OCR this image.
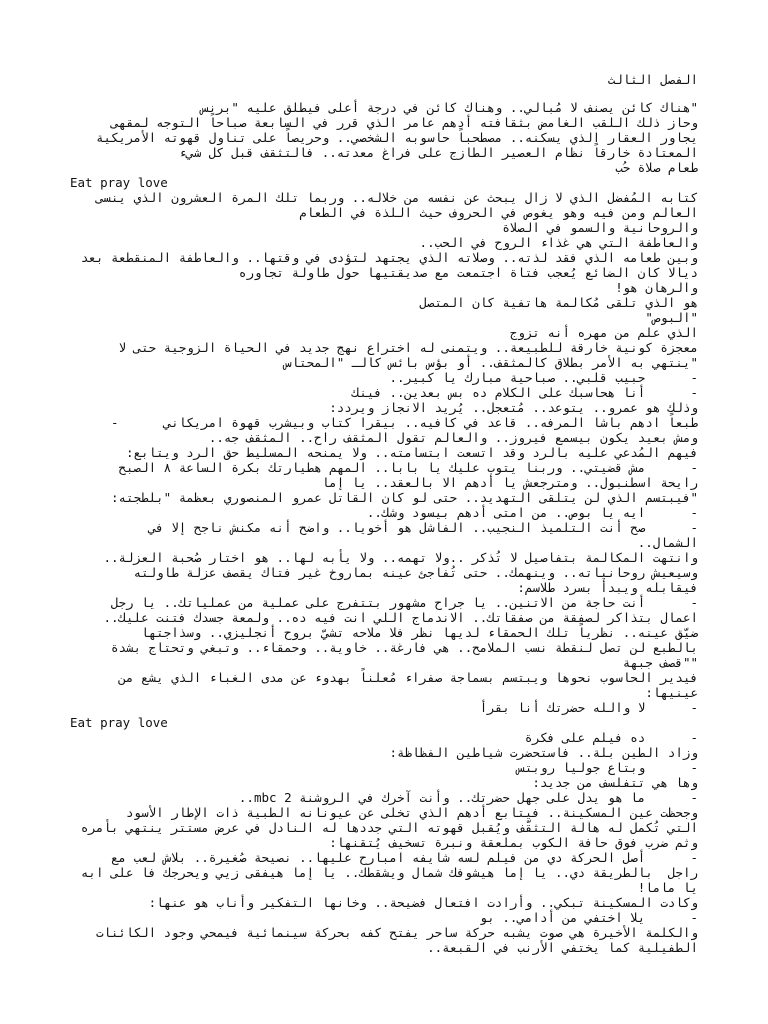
الفصل الثالث
"هناك كائن يصنف لا مُبالي.. وهناك كائن في درجة أعلى فيطلق عليه "برنس
وحاز ذلك اللقب الغامض بثقافته أدهم عامر الذي قرر في السابعة صباحاً التوجه لمقهى
يجاور العقار الذي يسكنه.. مصطحباً حاسوبه الشخصي.. وحريصاً على تناول قهوته الأمريكية
المعتادة خارقاً نظام العصير الطازج على فراغ معدته.. فالتثقف قبل كل شيء
طعام صلاة حُب
Eat pray love
كتابه المُفضل الذي لا زال يبحث عن نفسه من خلاله.. وربما تلك المرة العشرون الذي ينسى
العالم ومن فيه وهو يغوص في الحروف حيث اللذة في الطعام
والروحانية والسمو في الصلاة
والعاطفة التي هي غذاء الروح في الحب..
وبين طعامه الذي فقد لذته.. وصلاته الذي يجتهد لتؤدى في وقتها.. والعاطفة المنقطعة بعد
ديالا كان الضائع يُعجب فتاة اجتمعت مع صديقتيها حول طاولة تجاوره
والرهان هو!
هو الذي تلقى مُكالمة هاتفية كان المتصل
"البوص"
الذي علم من مهره أنه تزوج
معجزة كونية خارقة للطبيعة.. ويتمنى له اختراع نهج جديد في الحياة الزوجية حتى لا
"ينتهي به الأمر بطلاق كالمثقف.. أو بؤس بائس كالـ "المحتاس
-      حبيب قلبي.. صباحية مبارك يا كبير..
-      أنا هحاسبك على الكلام ده بس بعدين.. فينك
وذلك هو عمرو.. يتوعد.. مُتعجل.. يُريد الانجاز ويردد:
طبعاً ادهم باشا المرفه.. قاعد في كافيه.. بيقرا كتاب وبيشرب قهوة امريكاني      -
ومش بعيد يكون بيسمع فيروز.. والعالم تقول المثقف راح.. المثقف جه..
فيهم المُدعي عليه بالرد وقد اتسعت ابتسامته.. ولا يمنحه المسليط حق الرد ويتابع:
-      مش قضيتي.. وربنا يتوب عليك يا بابا.. المهم هطيارتك بكرة الساعة ٨ الصبح
رايحة اسطنبول.. ومترجعش يا أدهم الا بالعقد.. يا إما
"فيبتسم الذي لن يتلقى التهديد.. حتى لو كان القاتل عمرو المنصوري بعظمة "بلطجته:
-      ايه يا بوص.. من امتى أدهم بيسود وشك..
-      صح أنت التلميذ النجيب.. الفاشل هو أخويا.. واضح أنه مكنش ناجح إلا في
الشمال..
وانتهت المكالمة بتفاصيل لا تُذكر ..ولا تهمه.. ولا يأبه لها.. هو اختار صُحبة العزلة..
وسيعيش روحانياته.. وينهمك.. حتى تُفاجئ عينه بماروخ غير فتاك يقصف عزلة طاولته
فيقابله ويبدأ بسرد طلاسم:
-      أنت حاجة من الاتنين.. يا جراح مشهور بتتفرج على عملية من عملياتك.. يا رجل
اعمال بتذاكر لصفقة من صفقاتك.. الاندماج اللي انت فيه ده.. ولمعة جسدك فتنت عليك..
ضيّق عينه.. نظرياً تلك الحمقاء لديها نظر فلا ملاحه تشيّ بروح أنجليزي.. وسذاجتها
بالطبع لن تصل لنقطة نسب الملامح.. هي فارغة.. خاوية.. وحمقاء.. وتبغي وتحتاج بشدة
""قصف جبهة
فيدير الحاسوب نحوها ويبتسم بسماجة صفراء مُعلناً بهدوء عن مدى الغباء الذي يشع من
عينيها:
-      لا والله حضرتك أنا بقرأ
Eat pray love
-      ده فيلم على فكرة
وزاد الطين بلة.. فاستحضرت شياطين الفظاظة:
-      وبتاع جوليا روبتس
وها هي تتفلسف من جديد:
-      ما هو يدل على جهل حضرتك.. وأنت آخرك في الروشنة mbc 2..
وجحظت عين المسكينة.. فيتابع أدهم الذي تخلى عن عيونانه الطبية ذات الإطار الأسود
التي تُكمل له هالة التثقّف ويُقبل قهوته التي جددها له النادل في عرض مستتر ينتهي بأمره
وثم ضرب فوق حافة الكوب بملعقة ونبرة تسخيف يُتقنها:
-      أصل الحركة دي من فيلم لسه شايفه امبارح عليها.. نصيحة صُغيرة.. بلاش لعب مع
راجل  بالطريقة دي.. يا إما هيشوفك شمال ويشقطك.. يا إما هيفقى زيي ويحرجك فا على ابه
يا ماما!
وكادت المسكينة تبكي.. وأرادت افتعال فضيحة.. وخانها التفكير وأناب هو عنها:
-      يلا اختفي من أدامي.. بو
والكلمة الأخيرة هي صوت يشبه حركة ساحر يفتح كفه بحركة سينمائية فيمحي وجود الكائنات
الطفيلية كما يختفي الأرنب في القبعة..
